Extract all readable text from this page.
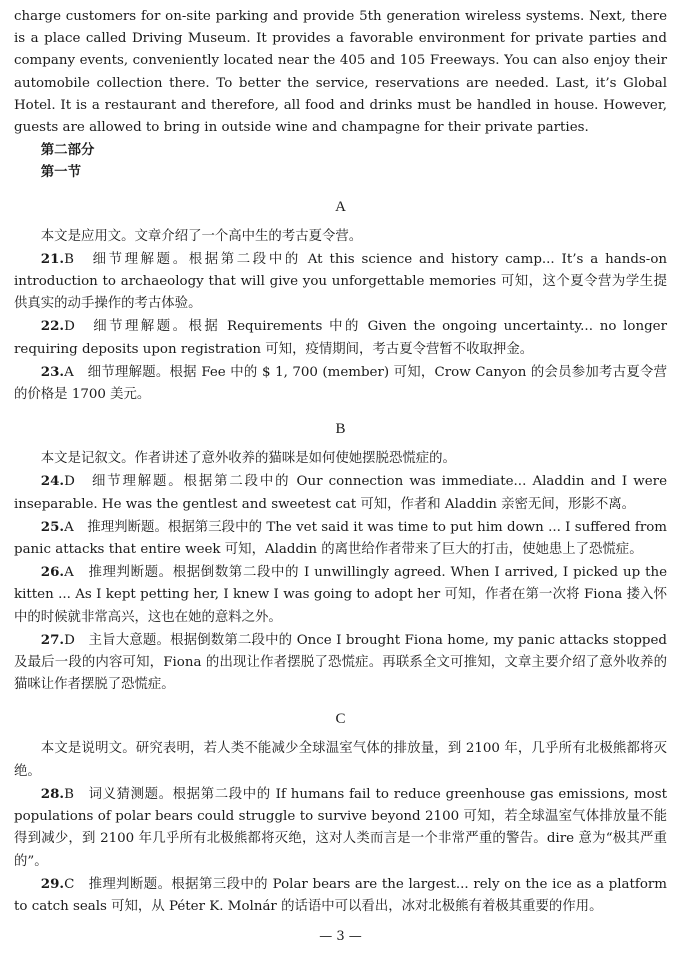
charge customers for on-site parking and provide 5th generation wireless systems. Next, there is a place called Driving Museum. It provides a favorable environment for private parties and company events, conveniently located near the 405 and 105 Freeways. You can also enjoy their automobile collection there. To better the service, reservations are needed. Last, it’s Global Hotel. It is a restaurant and therefore, all food and drinks must be handled in house. However, guests are allowed to bring in outside wine and champagne for their private parties.

第二部分
第一节
A

本文是应用文。文章介绍了一个高中生的考古夏令营。

21.B　 细节理解题。根据第二段中的 At this science and history camp... It’s a hands-on introduction to archaeology that will give you unforgettable memories 可知，这个夏令营为学生提供真实的动手操作的考古体验。

22.D　 细节理解题。根据 Requirements 中的 Given the ongoing uncertainty... no longer requiring deposits upon registration 可知，疫情期间，考古夏令营暂不收取押金。

23.A　 细节理解题。根据 Fee 中的 $ 1, 700 (member) 可知，Crow Canyon 的会员参加考古夏令营的价格是 1700 美元。

B

本文是记叙文。作者讲述了意外收养的猫咪是如何使她摆脱恐慌症的。

24.D　 细节理解题。根据第二段中的 Our connection was immediate... Aladdin and I were inseparable. He was the gentlest and sweetest cat 可知，作者和 Aladdin 亲密无间，形影不离。

25.A　 推理判断题。根据第三段中的 The vet said it was time to put him down ... I suffered from panic attacks that entire week 可知，Aladdin 的离世给作者带来了巨大的打击，使她患上了恐慌症。

26.A　 推理判断题。根据倒数第二段中的 I unwillingly agreed. When I arrived, I picked up the kitten ... As I kept petting her, I knew I was going to adopt her 可知，作者在第一次将 Fiona 搂入怀中的时候就非常高兴，这也在她的意料之外。

27.D　 主旨大意题。根据倒数第二段中的 Once I brought Fiona home, my panic attacks stopped 及最后一段的内容可知，Fiona 的出现让作者摆脱了恐慌症。再联系全文可推知，文章主要介绍了意外收养的猫咪让作者摆脱了恐慌症。

C

本文是说明文。研究表明，若人类不能减少全球温室气体的排放量，到 2100 年，几乎所有北极熊都将灭绝。

28.B　 词义猜测题。根据第二段中的 If humans fail to reduce greenhouse gas emissions, most populations of polar bears could struggle to survive beyond 2100 可知，若全球温室气体排放量不能得到减少，到 2100 年几乎所有北极熊都将灭绝，这对人类而言是一个非常严重的警告。dire 意为“极其严重的”。

29.C　 推理判断题。根据第三段中的 Polar bears are the largest... rely on the ice as a platform to catch seals 可知，从 Péter K. Molnár 的话语中可以看出，冰对北极熊有着极其重要的作用。

— 3 —
